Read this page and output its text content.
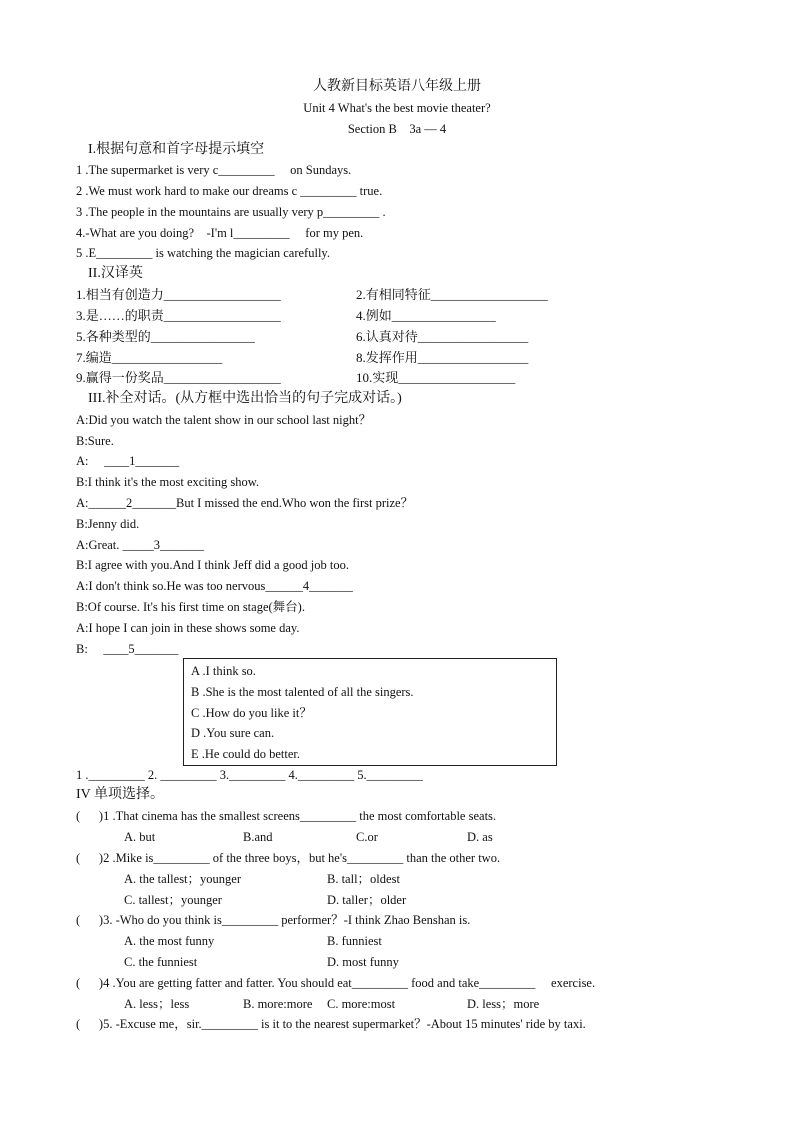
人教新目标英语八年级上册
Unit 4 What's the best movie theater?
Section B    3a — 4
I.根据句意和首字母提示填空
1 .The supermarket is very c_________     on Sundays.
2 .We must work hard to make our dreams c _________ true.
3 .The people in the mountains are usually very p_________ .
4.-What are you doing?    -I'm l_________     for my pen.
5 .E_________ is watching the magician carefully.
II.汉译英
1.相当有创造力__________________	2.有相同特征__________________
3.是……的职责__________________	4.例如________________
5.各种类型的________________	6.认真对待_________________
7.编造_________________	8.发挥作用_________________
9.赢得一份奖品__________________	10.实现__________________
III.补全对话。(从方框中选出恰当的句子完成对话。)
A:Did you watch the talent show in our school last night？
B:Sure.
A:     ____1_______
B:I think it's the most exciting show.
A:______2_______But I missed the end.Who won the first prize？
B:Jenny did.
A:Great. _____3_______
B:I agree with you.And I think Jeff did a good job too.
A:I don't think so.He was too nervous______4_______
B:Of course. It's his first time on stage(舞台).
A:I hope I can join in these shows some day.
B:     ____5_______
A .I think so.
B .She is the most talented of all the singers.
C .How do you like it？
D .You sure can.
E .He could do better.
1 ._________ 2. _________ 3._________ 4._________ 5._________
IV 单项选择。
(      )1 .That cinema has the smallest screens_________ the most comfortable seats.
A. but	B.and	C.or	D. as
(      )2 .Mike is_________ of the three boys，but he's_________ than the other two.
A. the tallest；younger	B. tall；oldest
C. tallest；younger	D. taller；older
(      )3. -Who do you think is_________ performer？-I think Zhao Benshan is.
A. the most funny	B. funniest
C. the funniest	D. most funny
(      )4 .You are getting fatter and fatter. You should eat_________ food and take_________     exercise.
A. less；less	B. more:more C. more:most	D. less；more
(      )5. -Excuse me，sir._________ is it to the nearest supermarket？-About 15 minutes' ride by taxi.
